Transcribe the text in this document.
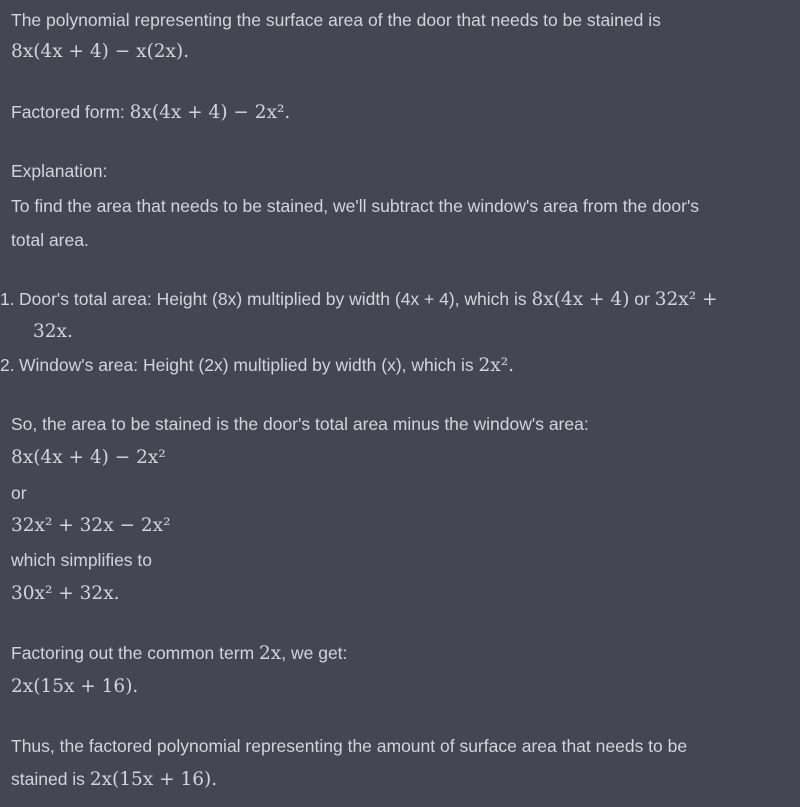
The polynomial representing the surface area of the door that needs to be stained is
8x(4x + 4) − x(2x).
Factored form: 8x(4x + 4) − 2x².
Explanation:
To find the area that needs to be stained, we'll subtract the window's area from the door's
total area.
1. Door's total area: Height (8x) multiplied by width (4x + 4), which is 8x(4x + 4) or 32x² +
32x.
2. Window's area: Height (2x) multiplied by width (x), which is 2x².
So, the area to be stained is the door's total area minus the window's area:
8x(4x + 4) − 2x²
or
32x² + 32x − 2x²
which simplifies to
30x² + 32x.
Factoring out the common term 2x, we get:
2x(15x + 16).
Thus, the factored polynomial representing the amount of surface area that needs to be
stained is 2x(15x + 16).
